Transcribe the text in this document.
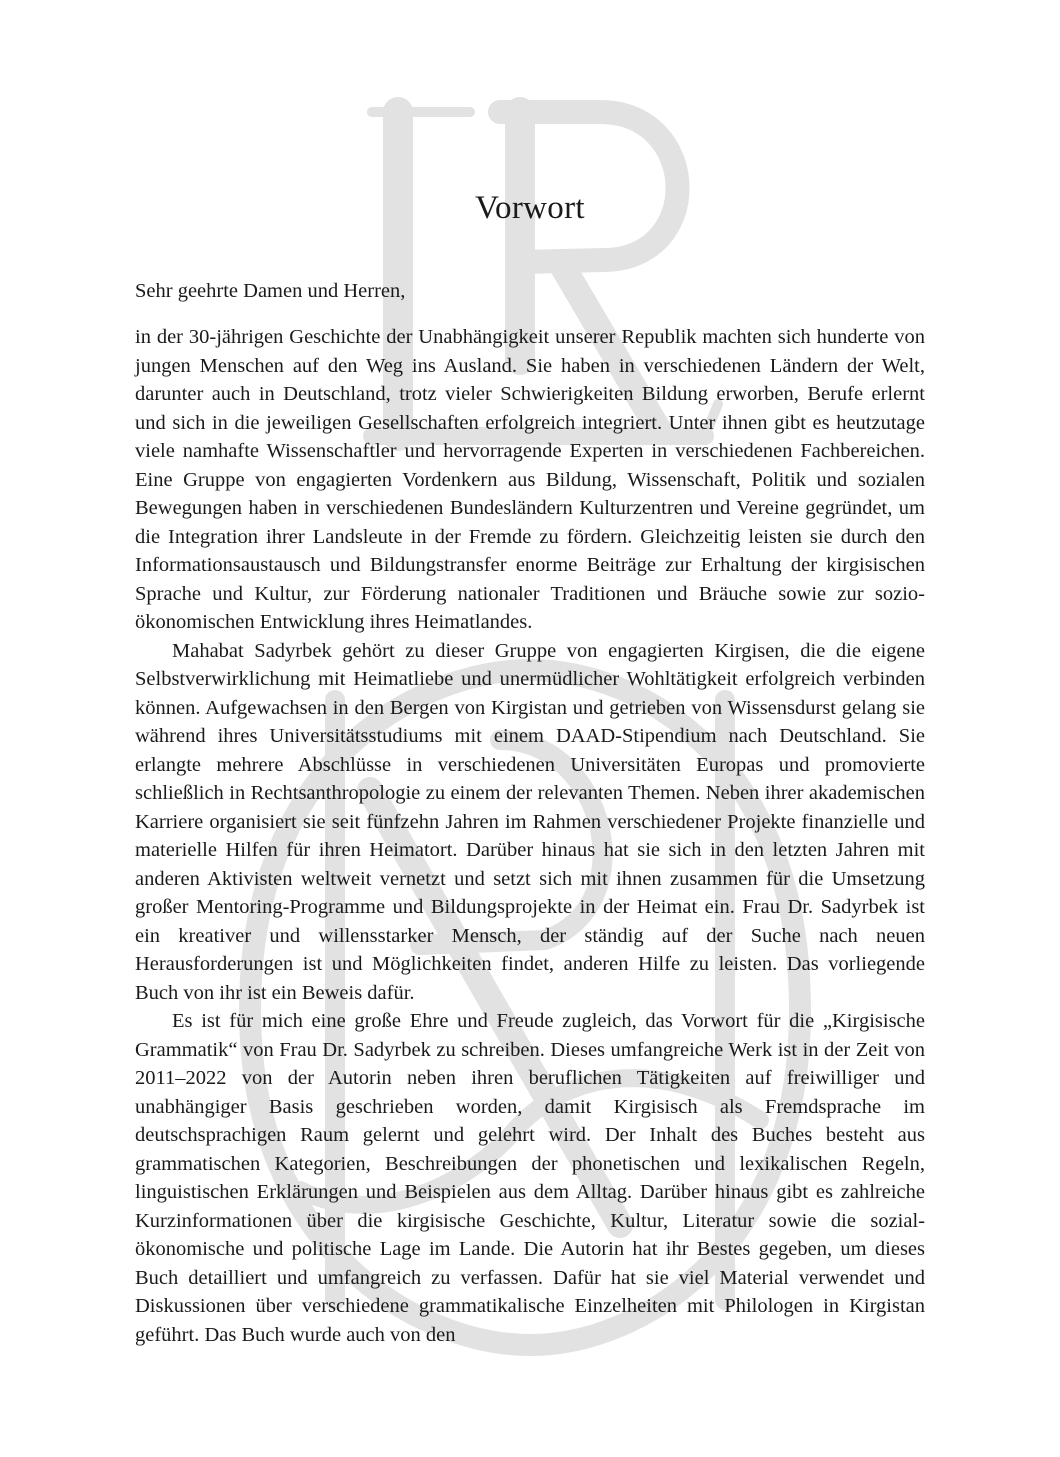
Vorwort

Sehr geehrte Damen und Herren,

in der 30-jährigen Geschichte der Unabhängigkeit unserer Republik machten sich hunderte von jungen Menschen auf den Weg ins Ausland. Sie haben in verschiedenen Ländern der Welt, darunter auch in Deutschland, trotz vieler Schwierigkeiten Bildung erworben, Berufe erlernt und sich in die jeweiligen Gesellschaften erfolgreich integriert. Unter ihnen gibt es heutzutage viele namhafte Wissenschaftler und hervorragende Experten in verschiedenen Fachbereichen. Eine Gruppe von engagierten Vordenkern aus Bildung, Wissenschaft, Politik und sozialen Bewegungen haben in verschiedenen Bundesländern Kulturzentren und Vereine gegründet, um die Integration ihrer Landsleute in der Fremde zu fördern. Gleichzeitig leisten sie durch den Informationsaustausch und Bildungstransfer enorme Beiträge zur Erhaltung der kirgisischen Sprache und Kultur, zur Förderung nationaler Traditionen und Bräuche sowie zur sozio-ökonomischen Entwicklung ihres Heimatlandes.

Mahabat Sadyrbek gehört zu dieser Gruppe von engagierten Kirgisen, die die eigene Selbstverwirklichung mit Heimatliebe und unermüdlicher Wohltätigkeit erfolgreich verbinden können. Aufgewachsen in den Bergen von Kirgistan und getrieben von Wissensdurst gelang sie während ihres Universitätsstudiums mit einem DAAD-Stipendium nach Deutschland. Sie erlangte mehrere Abschlüsse in verschiedenen Universitäten Europas und promovierte schließlich in Rechtsanthropologie zu einem der relevanten Themen. Neben ihrer akademischen Karriere organisiert sie seit fünfzehn Jahren im Rahmen verschiedener Projekte finanzielle und materielle Hilfen für ihren Heimatort. Darüber hinaus hat sie sich in den letzten Jahren mit anderen Aktivisten weltweit vernetzt und setzt sich mit ihnen zusammen für die Umsetzung großer Mentoring-Programme und Bildungsprojekte in der Heimat ein. Frau Dr. Sadyrbek ist ein kreativer und willensstarker Mensch, der ständig auf der Suche nach neuen Herausforderungen ist und Möglichkeiten findet, anderen Hilfe zu leisten. Das vorliegende Buch von ihr ist ein Beweis dafür.

Es ist für mich eine große Ehre und Freude zugleich, das Vorwort für die „Kirgisische Grammatik“ von Frau Dr. Sadyrbek zu schreiben. Dieses umfangreiche Werk ist in der Zeit von 2011–2022 von der Autorin neben ihren beruflichen Tätigkeiten auf freiwilliger und unabhängiger Basis geschrieben worden, damit Kirgisisch als Fremdsprache im deutschsprachigen Raum gelernt und gelehrt wird. Der Inhalt des Buches besteht aus grammatischen Kategorien, Beschreibungen der phonetischen und lexikalischen Regeln, linguistischen Erklärungen und Beispielen aus dem Alltag. Darüber hinaus gibt es zahlreiche Kurzinformationen über die kirgisische Geschichte, Kultur, Literatur sowie die sozial-ökonomische und politische Lage im Lande. Die Autorin hat ihr Bestes gegeben, um dieses Buch detailliert und umfangreich zu verfassen. Dafür hat sie viel Material verwendet und Diskussionen über verschiedene grammatikalische Einzelheiten mit Philologen in Kirgistan geführt. Das Buch wurde auch von den
